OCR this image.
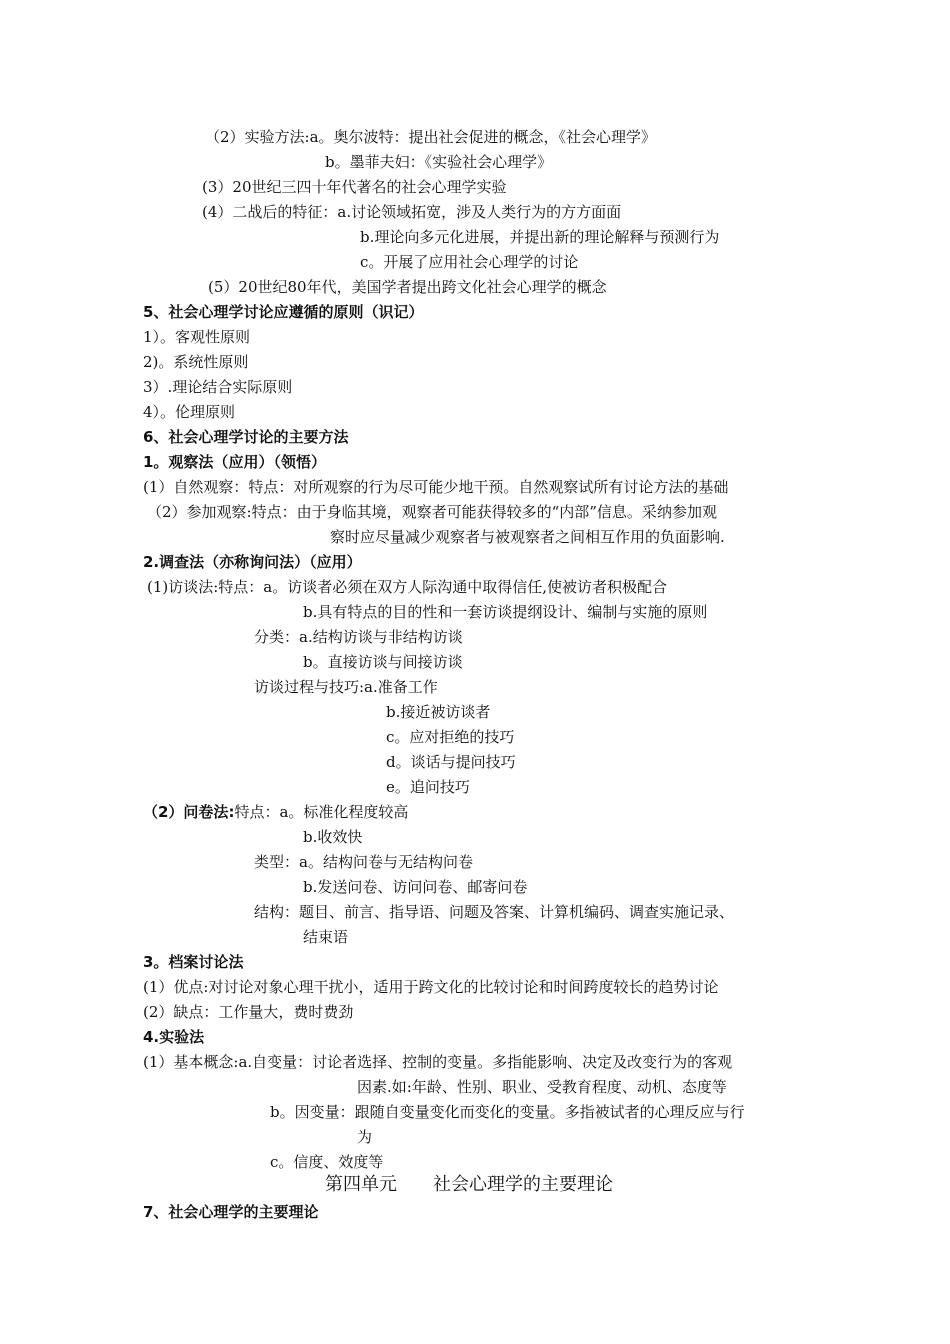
（2）实验方法:a。奥尔波特：提出社会促进的概念，《社会心理学》
b。墨菲夫妇：《实验社会心理学》
(3）20世纪三四十年代著名的社会心理学实验
(4）二战后的特征：a.讨论领域拓宽，涉及人类行为的方方面面
b.理论向多元化进展，并提出新的理论解释与预测行为
c。开展了应用社会心理学的讨论
(5）20世纪80年代，美国学者提出跨文化社会心理学的概念
5、社会心理学讨论应遵循的原则（识记）
1）。客观性原则
2)。系统性原则
3）.理论结合实际原则
4）。伦理原则
6、社会心理学讨论的主要方法
1。观察法（应用）（领悟）
(1）自然观察：特点：对所观察的行为尽可能少地干预。自然观察试所有讨论方法的基础
（2）参加观察:特点：由于身临其境，观察者可能获得较多的“内部”信息。采纳参加观
察时应尽量减少观察者与被观察者之间相互作用的负面影响.
2.调查法（亦称询问法）（应用）
(1)访谈法:特点：a。访谈者必须在双方人际沟通中取得信任,使被访者积极配合
b.具有特点的目的性和一套访谈提纲设计、编制与实施的原则
分类：a.结构访谈与非结构访谈
b。直接访谈与间接访谈
访谈过程与技巧:a.准备工作
b.接近被访谈者
c。应对拒绝的技巧
d。谈话与提问技巧
e。追问技巧
（2）问卷法:特点：a。标准化程度较高
b.收效快
类型：a。结构问卷与无结构问卷
b.发送问卷、访问问卷、邮寄问卷
结构：题目、前言、指导语、问题及答案、计算机编码、调查实施记录、
结束语
3。档案讨论法
(1）优点:对讨论对象心理干扰小，适用于跨文化的比较讨论和时间跨度较长的趋势讨论
(2）缺点：工作量大，费时费劲
4.实验法
(1）基本概念:a.自变量：讨论者选择、控制的变量。多指能影响、决定及改变行为的客观
因素.如:年龄、性别、职业、受教育程度、动机、态度等
b。因变量：跟随自变量变化而变化的变量。多指被试者的心理反应与行
为
c。信度、效度等
第四单元　　社会心理学的主要理论
7、社会心理学的主要理论
